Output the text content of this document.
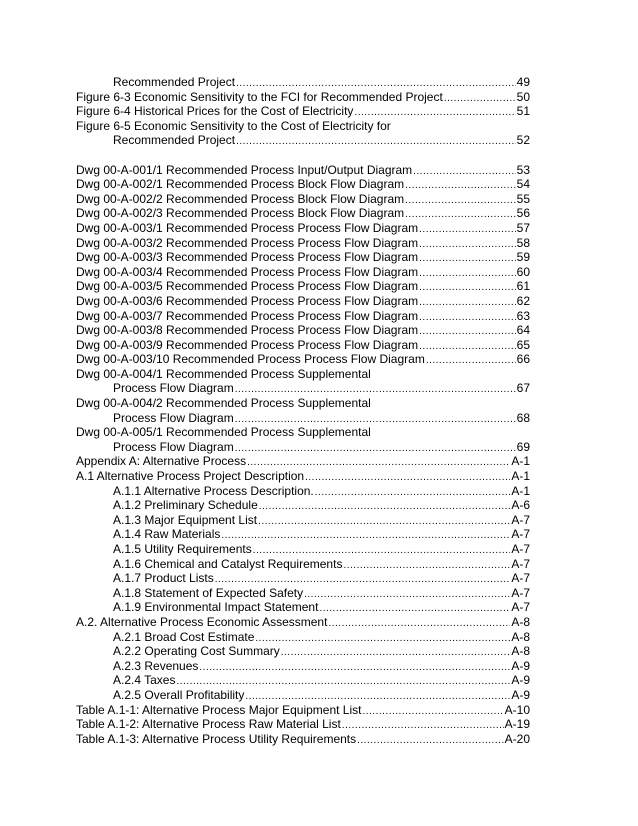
Recommended Project .....	49
Figure 6-3 Economic Sensitivity to the FCI for Recommended Project .....	50
Figure 6-4 Historical Prices for the Cost of Electricity .....	51
Figure 6-5 Economic Sensitivity to the Cost of Electricity for
Recommended Project .....	52
Dwg 00-A-001/1 Recommended Process Input/Output Diagram .....	53
Dwg 00-A-002/1 Recommended Process Block Flow Diagram .....	54
Dwg 00-A-002/2 Recommended Process Block Flow Diagram .....	55
Dwg 00-A-002/3 Recommended Process Block Flow Diagram .....	56
Dwg 00-A-003/1 Recommended Process Process Flow Diagram .....	57
Dwg 00-A-003/2 Recommended Process Process Flow Diagram .....	58
Dwg 00-A-003/3 Recommended Process Process Flow Diagram .....	59
Dwg 00-A-003/4 Recommended Process Process Flow Diagram .....	60
Dwg 00-A-003/5 Recommended Process Process Flow Diagram .....	61
Dwg 00-A-003/6 Recommended Process Process Flow Diagram .....	62
Dwg 00-A-003/7 Recommended Process Process Flow Diagram .....	63
Dwg 00-A-003/8 Recommended Process Process Flow Diagram .....	64
Dwg 00-A-003/9 Recommended Process Process Flow Diagram .....	65
Dwg 00-A-003/10 Recommended Process Process Flow Diagram .....	66
Dwg 00-A-004/1 Recommended Process Supplemental
Process Flow Diagram .....	67
Dwg 00-A-004/2 Recommended Process Supplemental
Process Flow Diagram .....	68
Dwg 00-A-005/1 Recommended Process Supplemental
Process Flow Diagram .....	69
Appendix A: Alternative Process .....	A-1
A.1 Alternative Process Project Description .....	A-1
A.1.1 Alternative Process Description. .....	A-1
A.1.2 Preliminary Schedule .....	A-6
A.1.3 Major Equipment List .....	A-7
A.1.4 Raw Materials .....	A-7
A.1.5 Utility Requirements .....	A-7
A.1.6 Chemical and Catalyst Requirements .....	A-7
A.1.7 Product Lists .....	A-7
A.1.8 Statement of Expected Safety .....	A-7
A.1.9 Environmental Impact Statement .....	A-7
A.2. Alternative Process Economic Assessment .....	A-8
A.2.1 Broad Cost Estimate .....	A-8
A.2.2 Operating Cost Summary .....	A-8
A.2.3 Revenues .....	A-9
A.2.4 Taxes .....	A-9
A.2.5 Overall Profitability .....	A-9
Table A.1-1: Alternative Process Major Equipment List .....	A-10
Table A.1-2: Alternative Process Raw Material List .....	A-19
Table A.1-3: Alternative Process Utility Requirements .....	A-20
